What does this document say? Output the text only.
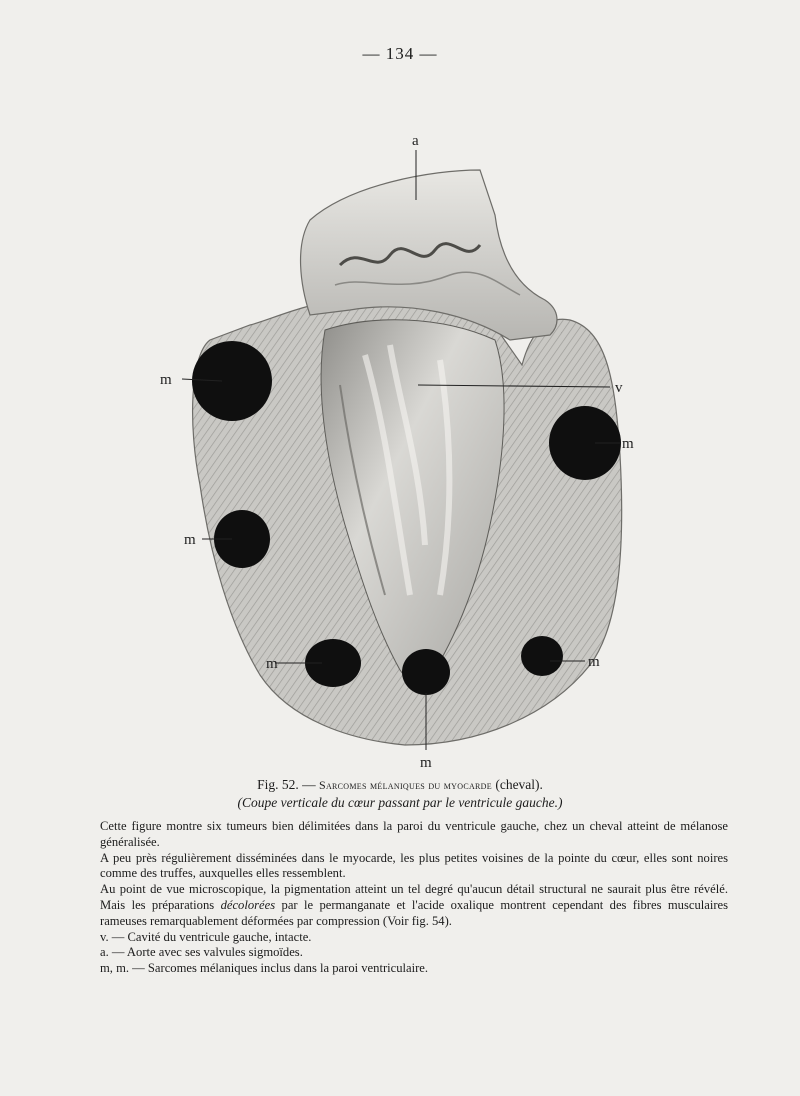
— 134 —
a
v
m
m
m
m
m
m
Fig. 52. — Sarcomes mélaniques du myocarde (cheval).
(Coupe verticale du cœur passant par le ventricule gauche.)

Cette figure montre six tumeurs bien délimitées dans la paroi du ventricule gauche, chez un cheval atteint de mélanose généralisée.

A peu près régulièrement disséminées dans le myocarde, les plus petites voisines de la pointe du cœur, elles sont noires comme des truffes, auxquelles elles ressemblent.

Au point de vue microscopique, la pigmentation atteint un tel degré qu'aucun détail structural ne saurait plus être révélé. Mais les préparations décolorées par le permanganate et l'acide oxalique montrent cependant des fibres musculaires rameuses remarquablement déformées par compression (Voir fig. 54).

v. — Cavité du ventricule gauche, intacte.

a. — Aorte avec ses valvules sigmoïdes.

m, m. — Sarcomes mélaniques inclus dans la paroi ventriculaire.
